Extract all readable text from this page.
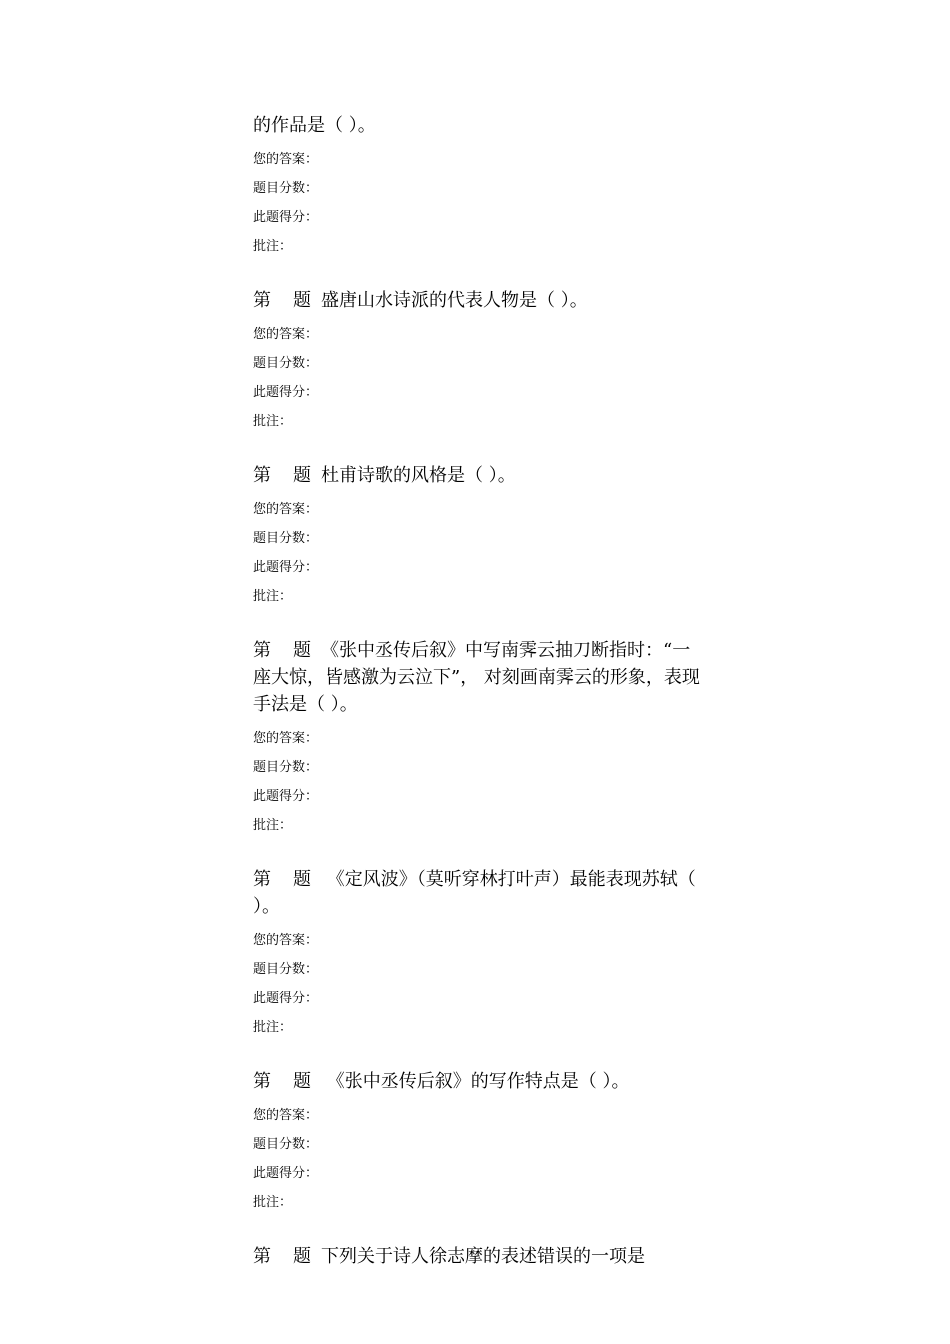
的作品是（ ）。

您的答案：
题目分数：
此题得分：
批注：

第 题 盛唐山水诗派的代表人物是（ ）。

您的答案：
题目分数：
此题得分：
批注：

第 题 杜甫诗歌的风格是（ ）。

您的答案：
题目分数：
此题得分：
批注：

第 题 《张中丞传后叙》中写南霁云抽刀断指时：“一座大惊，皆感激为云泣下”， 对刻画南霁云的形象，表现手法是（ ）。

您的答案：
题目分数：
此题得分：
批注：

第 题 《定风波》（莫听穿林打叶声）最能表现苏轼（ ）。

您的答案：
题目分数：
此题得分：
批注：

第 题 《张中丞传后叙》的写作特点是（ ）。

您的答案：
题目分数：
此题得分：
批注：

第 题 下列关于诗人徐志摩的表述错误的一项是
